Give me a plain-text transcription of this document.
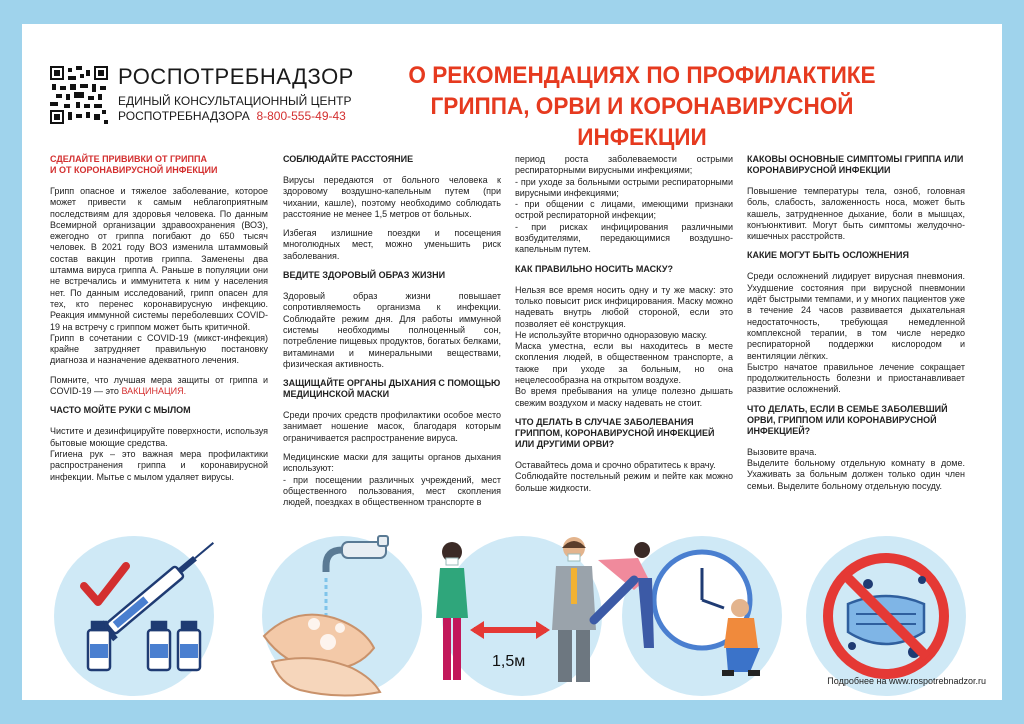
РОСПОТРЕБНАДЗОР
ЕДИНЫЙ КОНСУЛЬТАЦИОННЫЙ ЦЕНТР
РОСПОТРЕБНАДЗОРА 8-800-555-49-43
О РЕКОМЕНДАЦИЯХ ПО ПРОФИЛАКТИКЕ
ГРИППА, ОРВИ И КОРОНАВИРУСНОЙ ИНФЕКЦИИ
СДЕЛАЙТЕ ПРИВИВКИ ОТ ГРИППА
И ОТ КОРОНАВИРУСНОЙ ИНФЕКЦИИ

Грипп опасное и тяжелое заболевание, которое может привести к самым неблагоприятным последствиям для здоровья человека. По данным Всемирной организации здравоохранения (ВОЗ), ежегодно от гриппа погибают до 650 тысяч человек. В 2021 году ВОЗ изменила штаммовый состав вакцин против гриппа. Заменены два штамма вируса гриппа А. Раньше в популяции они не встречались и иммунитета к ним у населения нет. По данным исследований, грипп опасен для тех, кто перенес коронавирусную инфекцию. Реакция иммунной системы переболевших COVID-19 на встречу с гриппом может быть критичной.

Грипп в сочетании с COVID-19 (микст-инфекция) крайне затрудняет правильную постановку диагноза и назначение адекватного лечения.

Помните, что лучшая мера защиты от гриппа и COVID-19 — это ВАКЦИНАЦИЯ.

ЧАСТО МОЙТЕ РУКИ С МЫЛОМ

Чистите и дезинфицируйте поверхности, используя бытовые моющие средства.

Гигиена рук – это важная мера профилактики распространения гриппа и коронавирусной инфекции. Мытье с мылом удаляет вирусы.

СОБЛЮДАЙТЕ РАССТОЯНИЕ

Вирусы передаются от больного человека к здоровому воздушно-капельным путем (при чихании, кашле), поэтому необходимо соблюдать расстояние не менее 1,5 метров от больных.

Избегая излишние поездки и посещения многолюдных мест, можно уменьшить риск заболевания.

ВЕДИТЕ ЗДОРОВЫЙ ОБРАЗ ЖИЗНИ

Здоровый образ жизни повышает сопротивляемость организма к инфекции. Соблюдайте режим дня. Для работы иммунной системы необходимы полноценный сон, потребление пищевых продуктов, богатых белками, витаминами и минеральными веществами, физическая активность.

ЗАЩИЩАЙТЕ ОРГАНЫ ДЫХАНИЯ С ПОМОЩЬЮ МЕДИЦИНСКОЙ МАСКИ

Среди прочих средств профилактики особое место занимает ношение масок, благодаря которым ограничивается распространение вируса.

Медицинские маски для защиты органов дыхания используют:

- при посещении различных учреждений, мест общественного пользования, мест скопления людей, поездках в общественном транспорте в

период роста заболеваемости острыми респираторными вирусными инфекциями;

- при уходе за больными острыми респираторными вирусными инфекциями;

- при общении с лицами, имеющими признаки острой респираторной инфекции;

- при рисках инфицирования различными возбудителями, передающимися воздушно-капельным путем.

КАК ПРАВИЛЬНО НОСИТЬ МАСКУ?

Нельзя все время носить одну и ту же маску: это только повысит риск инфицирования. Маску можно надевать внутрь любой стороной, если это позволяет её конструкция.

Не используйте вторично одноразовую маску.

Маска уместна, если вы находитесь в месте скопления людей, в общественном транспорте, а также при уходе за больным, но она нецелесообразна на открытом воздухе.

Во время пребывания на улице полезно дышать свежим воздухом и маску надевать не стоит.

ЧТО ДЕЛАТЬ В СЛУЧАЕ ЗАБОЛЕВАНИЯ ГРИППОМ, КОРОНАВИРУСНОЙ ИНФЕКЦИЕЙ ИЛИ ДРУГИМИ ОРВИ?

Оставайтесь дома и срочно обратитесь к врачу.

Соблюдайте постельный режим и пейте как можно больше жидкости.

КАКОВЫ ОСНОВНЫЕ СИМПТОМЫ ГРИППА ИЛИ КОРОНАВИРУСНОЙ ИНФЕКЦИИ

Повышение температуры тела, озноб, головная боль, слабость, заложенность носа, может быть кашель, затрудненное дыхание, боли в мышцах, конъюнктивит. Могут быть симптомы желудочно-кишечных расстройств.

КАКИЕ МОГУТ БЫТЬ ОСЛОЖНЕНИЯ

Среди осложнений лидирует вирусная пневмония. Ухудшение состояния при вирусной пневмонии идёт быстрыми темпами, и у многих пациентов уже в течение 24 часов развивается дыхательная недостаточность, требующая немедленной комплексной терапии, в том числе нередко респираторной поддержки кислородом и вентиляции лёгких.

Быстро начатое правильное лечение сокращает продолжительность болезни и приостанавливает развитие осложнений.

ЧТО ДЕЛАТЬ, ЕСЛИ В СЕМЬЕ ЗАБОЛЕВШИЙ ОРВИ, ГРИППОМ ИЛИ КОРОНАВИРУСНОЙ ИНФЕКЦИЕЙ?

Вызовите врача.

Выделите больному отдельную комнату в доме. Ухаживать за больным должен только один член семьи. Выделите больному отдельную посуду.

1,5м
Подробнее на www.rospotrebnadzor.ru
